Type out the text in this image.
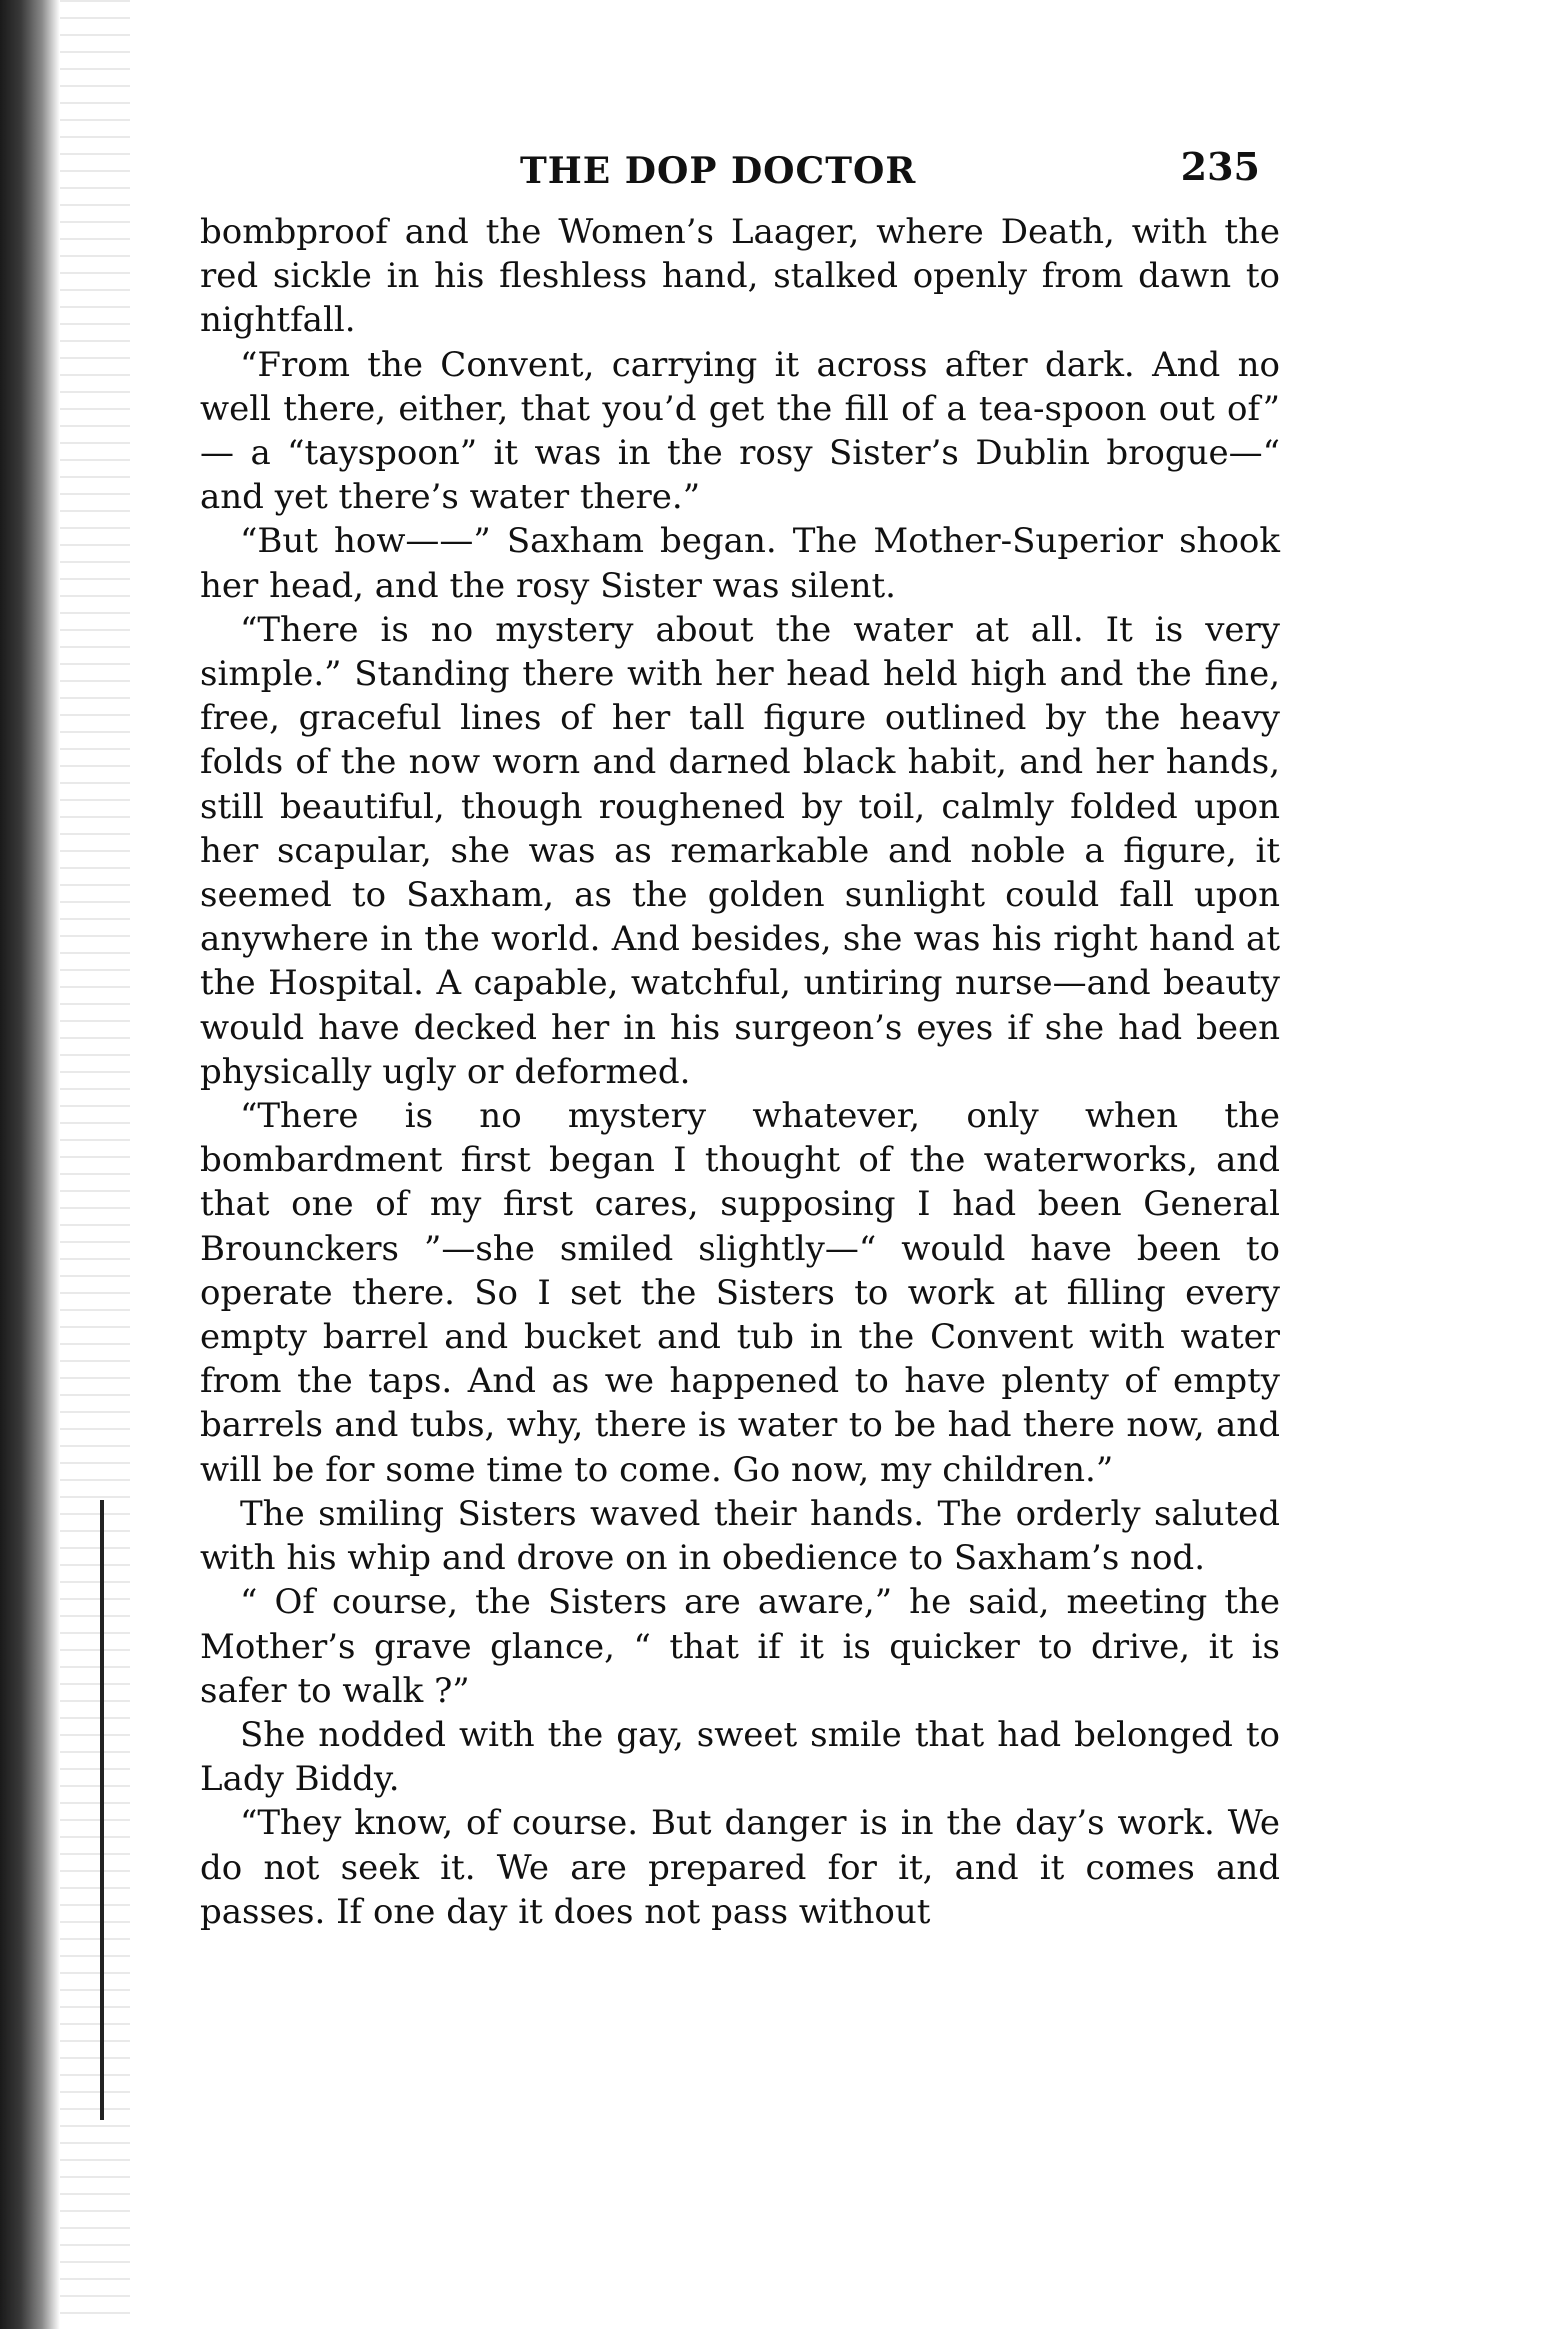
THE DOP DOCTOR	235

bombproof and the Women’s Laager, where Death, with the red sickle in his fleshless hand, stalked openly from dawn to nightfall.

“From the Convent, carrying it across after dark. And no well there, either, that you’d get the fill of a tea-spoon out of” — a “tayspoon” it was in the rosy Sister’s Dublin brogue—“ and yet there’s water there.”

“But how——” Saxham began. The Mother-Superior shook her head, and the rosy Sister was silent.

“There is no mystery about the water at all. It is very simple.” Standing there with her head held high and the fine, free, graceful lines of her tall figure outlined by the heavy folds of the now worn and darned black habit, and her hands, still beautiful, though roughened by toil, calmly folded upon her scapular, she was as remarkable and noble a figure, it seemed to Saxham, as the golden sunlight could fall upon anywhere in the world. And besides, she was his right hand at the Hospital. A capable, watchful, untiring nurse—and beauty would have decked her in his surgeon’s eyes if she had been physically ugly or deformed.

“There is no mystery whatever, only when the bombardment first began I thought of the waterworks, and that one of my first cares, supposing I had been General Brounckers ”—she smiled slightly—“ would have been to operate there. So I set the Sisters to work at filling every empty barrel and bucket and tub in the Convent with water from the taps. And as we happened to have plenty of empty barrels and tubs, why, there is water to be had there now, and will be for some time to come. Go now, my children.”

The smiling Sisters waved their hands. The orderly saluted with his whip and drove on in obedience to Saxham’s nod.

“ Of course, the Sisters are aware,” he said, meeting the Mother’s grave glance, “ that if it is quicker to drive, it is safer to walk ?”

She nodded with the gay, sweet smile that had belonged to Lady Biddy.

“They know, of course. But danger is in the day’s work. We do not seek it. We are prepared for it, and it comes and passes. If one day it does not pass without
